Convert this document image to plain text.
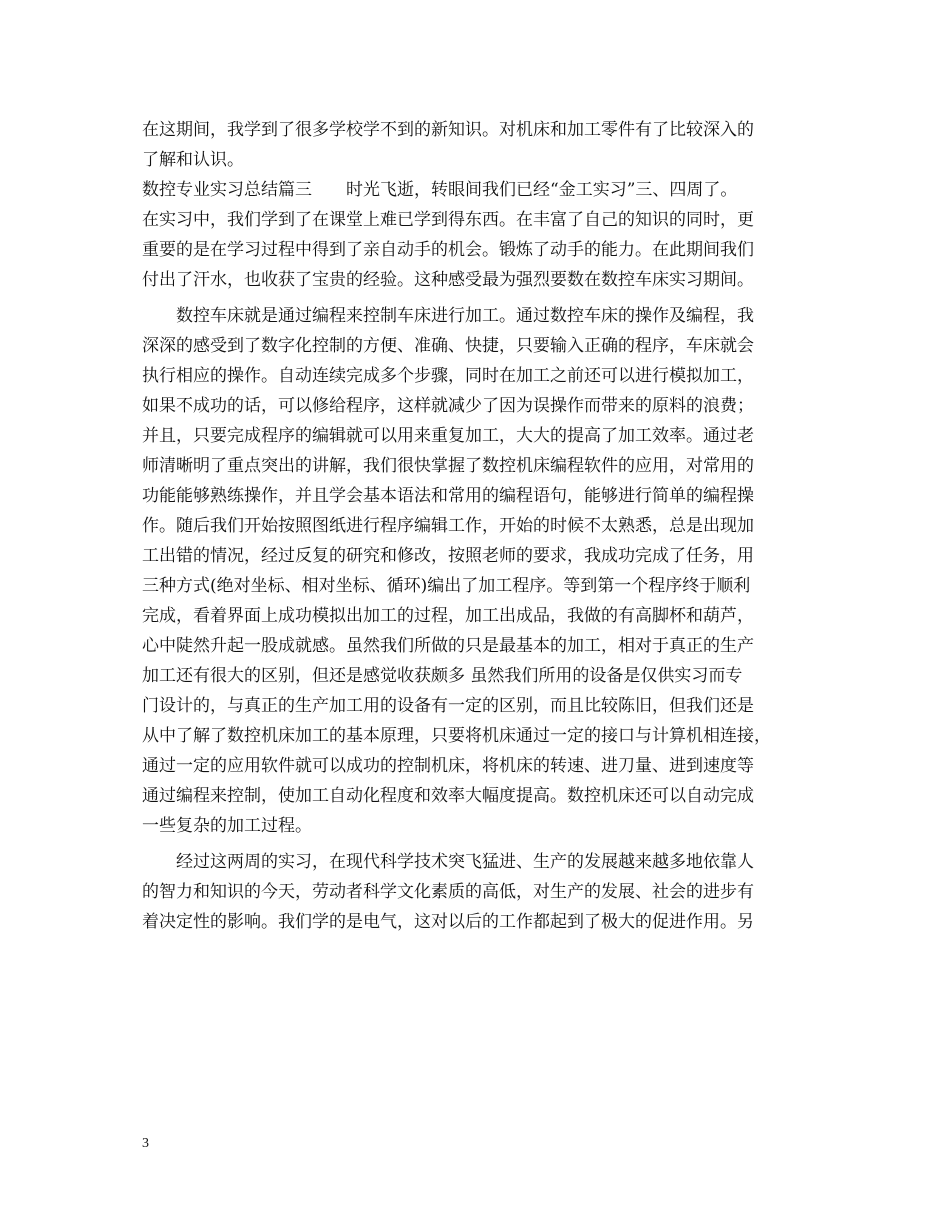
在这期间，我学到了很多学校学不到的新知识。对机床和加工零件有了比较深入的
了解和认识。
数控专业实习总结篇三　　时光飞逝，转眼间我们已经“金工实习”三、四周了。
在实习中，我们学到了在课堂上难已学到得东西。在丰富了自己的知识的同时，更
重要的是在学习过程中得到了亲自动手的机会。锻炼了动手的能力。在此期间我们
付出了汗水，也收获了宝贵的经验。这种感受最为强烈要数在数控车床实习期间。
　　数控车床就是通过编程来控制车床进行加工。通过数控车床的操作及编程，我
深深的感受到了数字化控制的方便、准确、快捷，只要输入正确的程序，车床就会
执行相应的操作。自动连续完成多个步骤，同时在加工之前还可以进行模拟加工，
如果不成功的话，可以修给程序，这样就减少了因为误操作而带来的原料的浪费；
并且，只要完成程序的编辑就可以用来重复加工，大大的提高了加工效率。通过老
师清晰明了重点突出的讲解，我们很快掌握了数控机床编程软件的应用，对常用的
功能能够熟练操作，并且学会基本语法和常用的编程语句，能够进行简单的编程操
作。随后我们开始按照图纸进行程序编辑工作，开始的时候不太熟悉，总是出现加
工出错的情况，经过反复的研究和修改，按照老师的要求，我成功完成了任务，用
三种方式(绝对坐标、相对坐标、循环)编出了加工程序。等到第一个程序终于顺利
完成，看着界面上成功模拟出加工的过程，加工出成品，我做的有高脚杯和葫芦，
心中陡然升起一股成就感。虽然我们所做的只是最基本的加工，相对于真正的生产
加工还有很大的区别，但还是感觉收获颇多 虽然我们所用的设备是仅供实习而专
门设计的，与真正的生产加工用的设备有一定的区别，而且比较陈旧，但我们还是
从中了解了数控机床加工的基本原理，只要将机床通过一定的接口与计算机相连接，
通过一定的应用软件就可以成功的控制机床，将机床的转速、进刀量、进到速度等
通过编程来控制，使加工自动化程度和效率大幅度提高。数控机床还可以自动完成
一些复杂的加工过程。
　　经过这两周的实习，在现代科学技术突飞猛进、生产的发展越来越多地依靠人
的智力和知识的今天，劳动者科学文化素质的高低，对生产的发展、社会的进步有
着决定性的影响。我们学的是电气，这对以后的工作都起到了极大的促进作用。另
3
